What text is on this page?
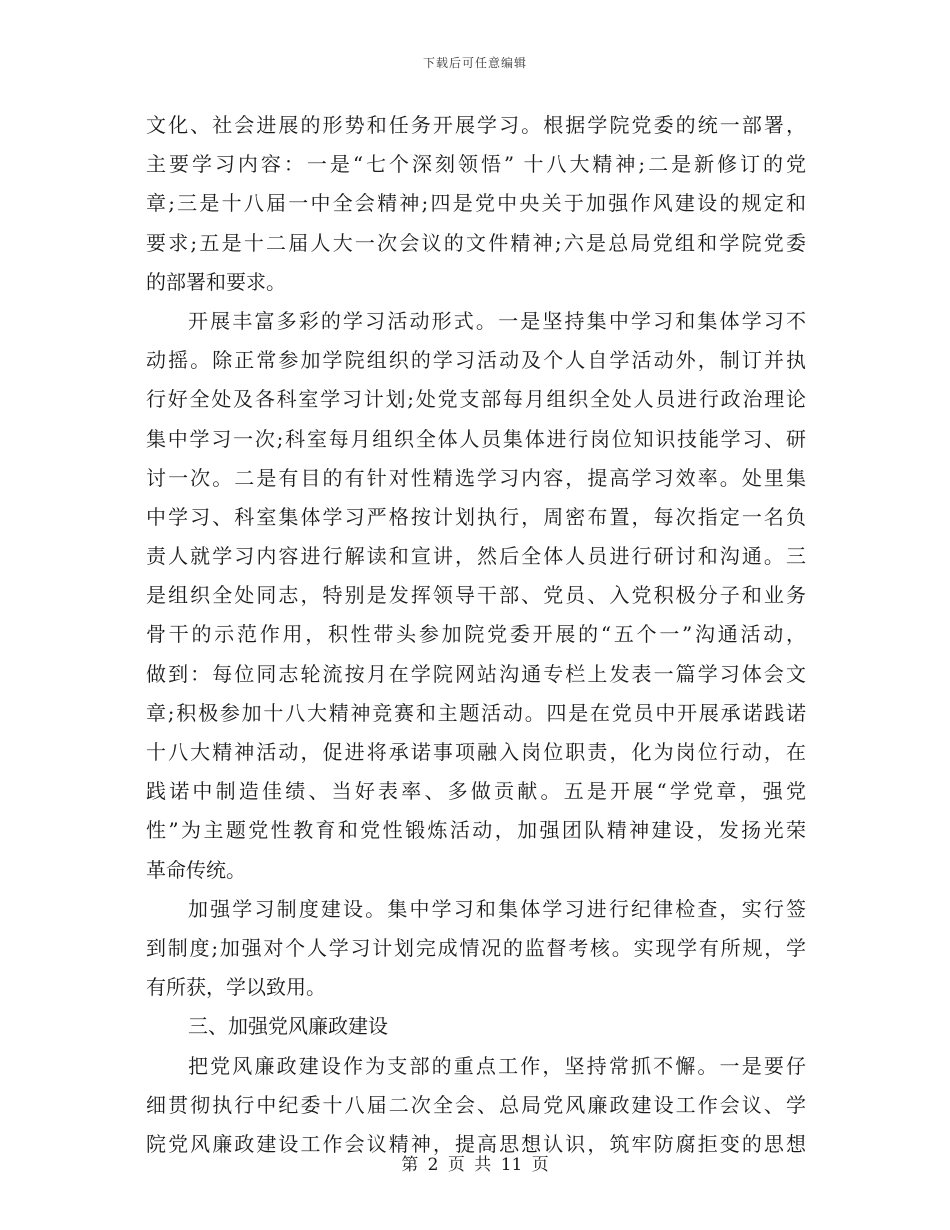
下载后可任意编辑
文化、社会进展的形势和任务开展学习。根据学院党委的统一部署，
主要学习内容：一是“七个深刻领悟” 十八大精神;二是新修订的党
章;三是十八届一中全会精神;四是党中央关于加强作风建设的规定和
要求;五是十二届人大一次会议的文件精神;六是总局党组和学院党委
的部署和要求。
开展丰富多彩的学习活动形式。一是坚持集中学习和集体学习不
动摇。除正常参加学院组织的学习活动及个人自学活动外，制订并执
行好全处及各科室学习计划;处党支部每月组织全处人员进行政治理论
集中学习一次;科室每月组织全体人员集体进行岗位知识技能学习、研
讨一次。二是有目的有针对性精选学习内容，提高学习效率。处里集
中学习、科室集体学习严格按计划执行，周密布置，每次指定一名负
责人就学习内容进行解读和宣讲，然后全体人员进行研讨和沟通。三
是组织全处同志，特别是发挥领导干部、党员、入党积极分子和业务
骨干的示范作用，积性带头参加院党委开展的“五个一”沟通活动，
做到：每位同志轮流按月在学院网站沟通专栏上发表一篇学习体会文
章;积极参加十八大精神竞赛和主题活动。四是在党员中开展承诺践诺
十八大精神活动，促进将承诺事项融入岗位职责，化为岗位行动，在
践诺中制造佳绩、当好表率、多做贡献。五是开展“学党章，强党
性”为主题党性教育和党性锻炼活动，加强团队精神建设，发扬光荣
革命传统。
加强学习制度建设。集中学习和集体学习进行纪律检查，实行签
到制度;加强对个人学习计划完成情况的监督考核。实现学有所规，学
有所获，学以致用。
三、加强党风廉政建设
把党风廉政建设作为支部的重点工作，坚持常抓不懈。一是要仔
细贯彻执行中纪委十八届二次全会、总局党风廉政建设工作会议、学
院党风廉政建设工作会议精神，提高思想认识，筑牢防腐拒变的思想
第 2 页 共 11 页
